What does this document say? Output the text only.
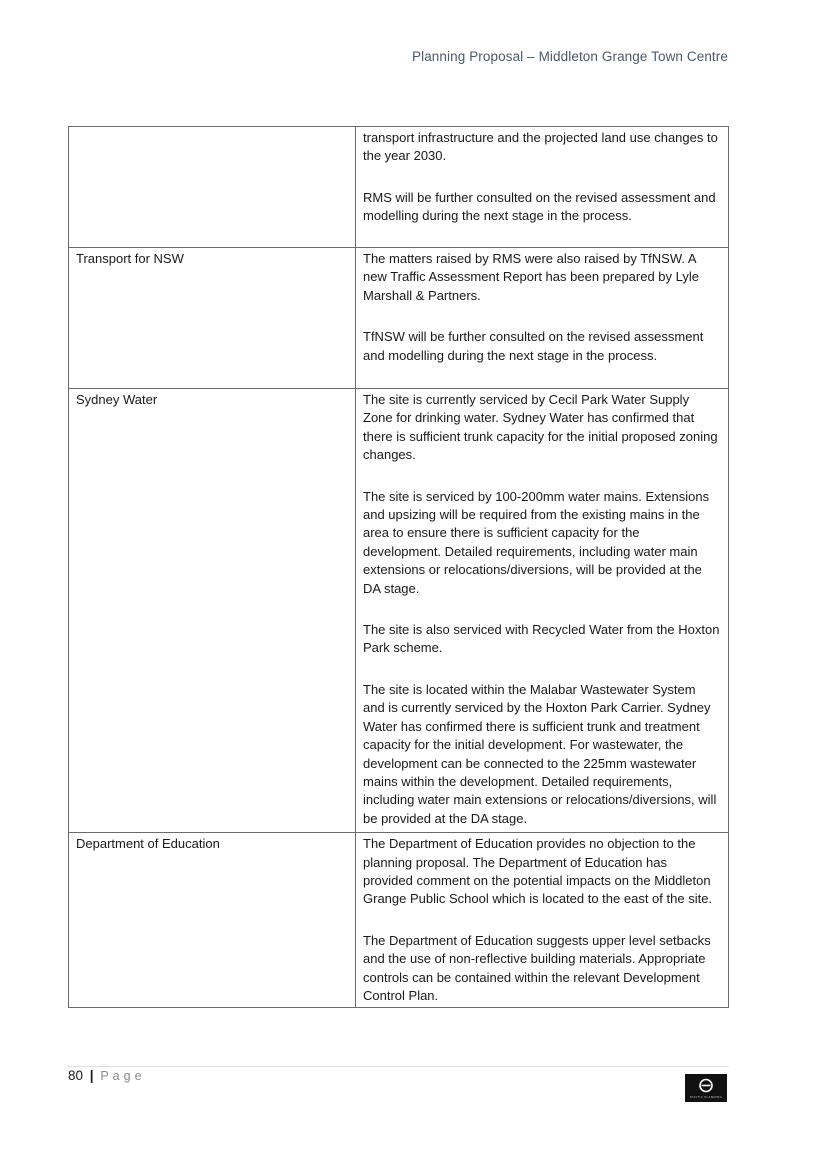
Planning Proposal – Middleton Grange Town Centre

	transport infrastructure and the projected land use changes to the year 2030.

RMS will be further consulted on the revised assessment and modelling during the next stage in the process.

Transport for NSW	The matters raised by RMS were also raised by TfNSW. A new Traffic Assessment Report has been prepared by Lyle Marshall & Partners.

TfNSW will be further consulted on the revised assessment and modelling during the next stage in the process.

Sydney Water	The site is currently serviced by Cecil Park Water Supply Zone for drinking water. Sydney Water has confirmed that there is sufficient trunk capacity for the initial proposed zoning changes.

The site is serviced by 100-200mm water mains. Extensions and upsizing will be required from the existing mains in the area to ensure there is sufficient capacity for the development. Detailed requirements, including water main extensions or relocations/diversions, will be provided at the DA stage.

The site is also serviced with Recycled Water from the Hoxton Park scheme.

The site is located within the Malabar Wastewater System and is currently serviced by the Hoxton Park Carrier. Sydney Water has confirmed there is sufficient trunk and treatment capacity for the initial development. For wastewater, the development can be connected to the 225mm wastewater mains within the development. Detailed requirements, including water main extensions or relocations/diversions, will be provided at the DA stage.

Department of Education	The Department of Education provides no objection to the planning proposal. The Department of Education has provided comment on the potential impacts on the Middleton Grange Public School which is located to the east of the site.

The Department of Education suggests upper level setbacks and the use of non-reflective building materials. Appropriate controls can be contained within the relevant Development Control Plan.

80 | Page
PACIFIC PLANNING
